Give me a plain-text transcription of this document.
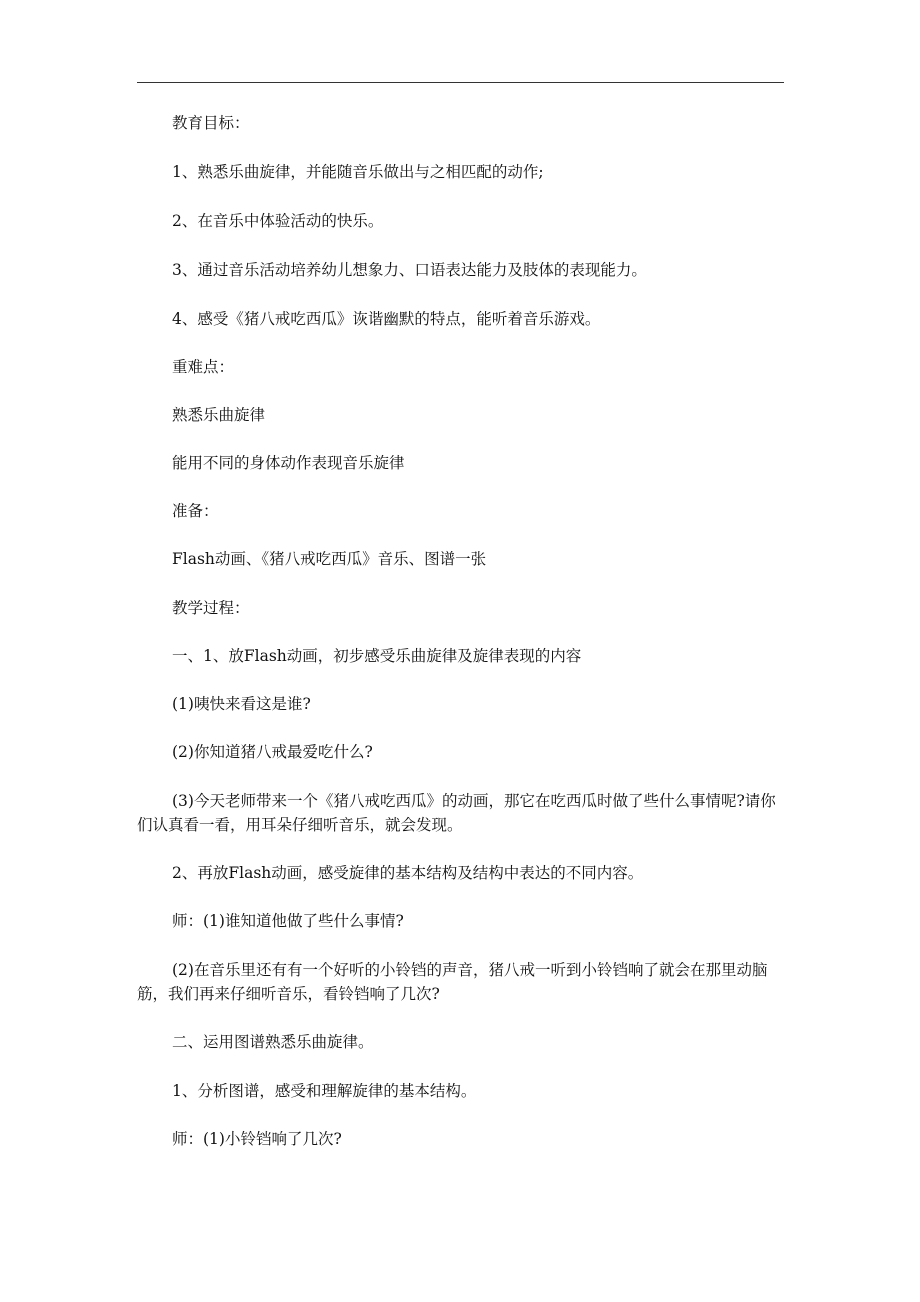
教育目标：

1、熟悉乐曲旋律，并能随音乐做出与之相匹配的动作;

2、在音乐中体验活动的快乐。

3、通过音乐活动培养幼儿想象力、口语表达能力及肢体的表现能力。

4、感受《猪八戒吃西瓜》诙谐幽默的特点，能听着音乐游戏。

重难点：

熟悉乐曲旋律

能用不同的身体动作表现音乐旋律

准备：

Flash动画、《猪八戒吃西瓜》音乐、图谱一张

教学过程：

一、1、放Flash动画，初步感受乐曲旋律及旋律表现的内容

(1)咦快来看这是谁?

(2)你知道猪八戒最爱吃什么?

(3)今天老师带来一个《猪八戒吃西瓜》的动画，那它在吃西瓜时做了些什么事情呢?请你们认真看一看，用耳朵仔细听音乐，就会发现。

2、再放Flash动画，感受旋律的基本结构及结构中表达的不同内容。

师：(1)谁知道他做了些什么事情?

(2)在音乐里还有有一个好听的小铃铛的声音，猪八戒一听到小铃铛响了就会在那里动脑筋，我们再来仔细听音乐，看铃铛响了几次?

二、运用图谱熟悉乐曲旋律。

1、分析图谱，感受和理解旋律的基本结构。

师：(1)小铃铛响了几次?
